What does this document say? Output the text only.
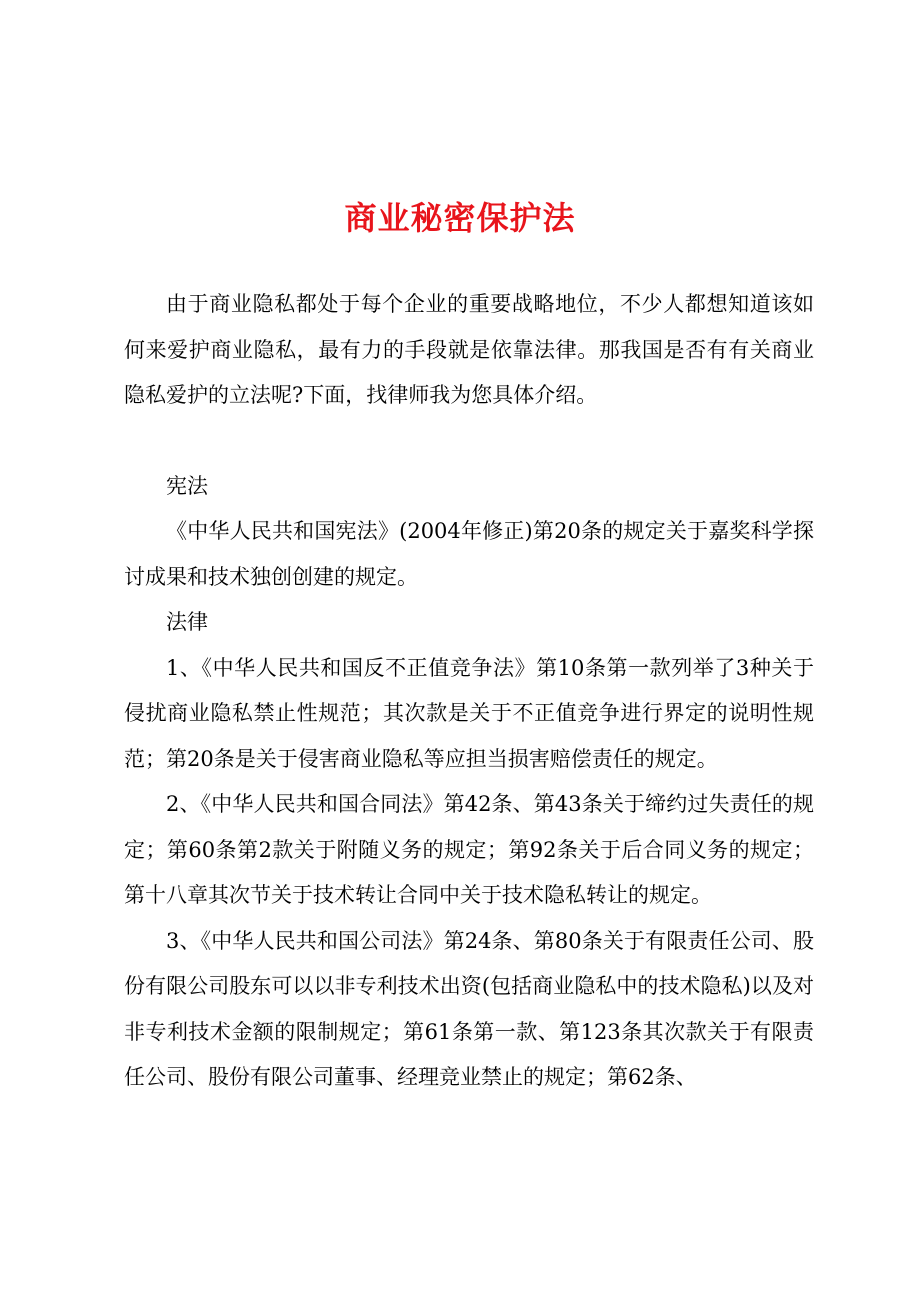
商业秘密保护法

由于商业隐私都处于每个企业的重要战略地位，不少人都想知道该如何来爱护商业隐私，最有力的手段就是依靠法律。那我国是否有有关商业隐私爱护的立法呢?下面，找律师我为您具体介绍。

宪法

《中华人民共和国宪法》(2004年修正)第20条的规定关于嘉奖科学探讨成果和技术独创创建的规定。

法律

1、《中华人民共和国反不正值竞争法》第10条第一款列举了3种关于侵扰商业隐私禁止性规范；其次款是关于不正值竞争进行界定的说明性规范；第20条是关于侵害商业隐私等应担当损害赔偿责任的规定。

2、《中华人民共和国合同法》第42条、第43条关于缔约过失责任的规定；第60条第2款关于附随义务的规定；第92条关于后合同义务的规定；第十八章其次节关于技术转让合同中关于技术隐私转让的规定。

3、《中华人民共和国公司法》第24条、第80条关于有限责任公司、股份有限公司股东可以以非专利技术出资(包括商业隐私中的技术隐私)以及对非专利技术金额的限制规定；第61条第一款、第123条其次款关于有限责任公司、股份有限公司董事、经理竞业禁止的规定；第62条、
